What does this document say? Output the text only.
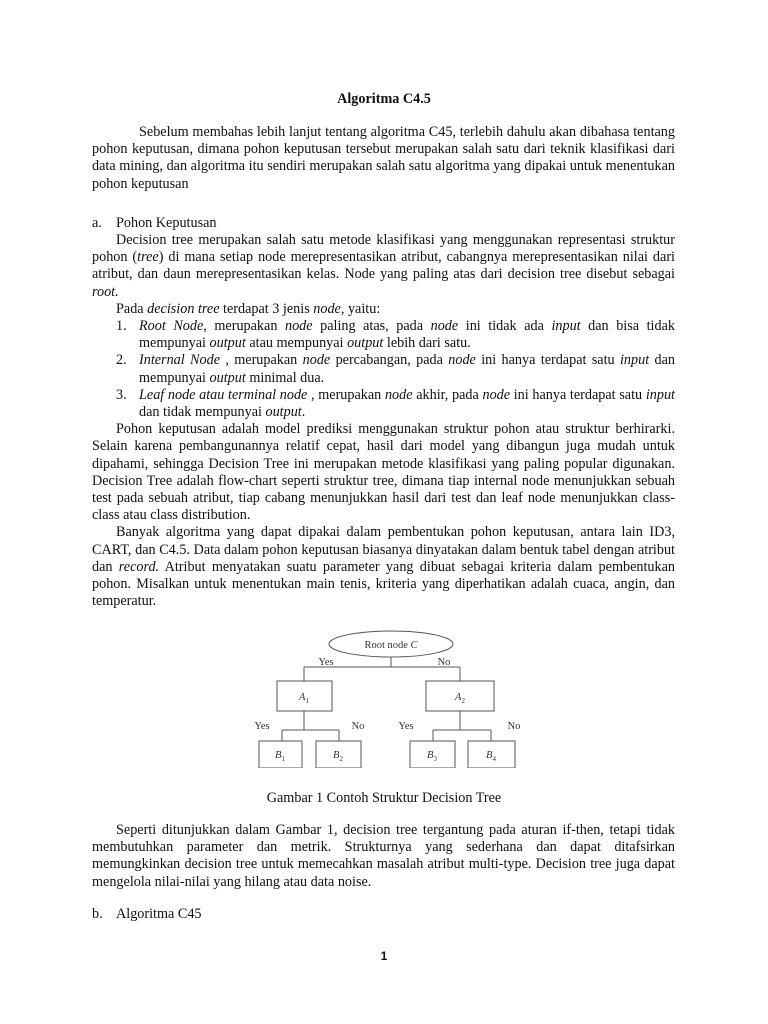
Algoritma C4.5

Sebelum membahas lebih lanjut tentang algoritma C45, terlebih dahulu akan dibahasa tentang pohon keputusan, dimana pohon keputusan tersebut merupakan salah satu dari teknik klasifikasi dari data mining, dan algoritma itu sendiri merupakan salah satu algoritma yang dipakai untuk menentukan pohon keputusan

a. Pohon Keputusan

Decision tree merupakan salah satu metode klasifikasi yang menggunakan representasi struktur pohon (tree) di mana setiap node merepresentasikan atribut, cabangnya merepresentasikan nilai dari atribut, dan daun merepresentasikan kelas. Node yang paling atas dari decision tree disebut sebagai root.

Pada decision tree terdapat 3 jenis node, yaitu:

1. Root Node, merupakan node paling atas, pada node ini tidak ada input dan bisa tidak mempunyai output atau mempunyai output lebih dari satu.
2. Internal Node , merupakan node percabangan, pada node ini hanya terdapat satu input dan mempunyai output minimal dua.
3. Leaf node atau terminal node , merupakan node akhir, pada node ini hanya terdapat satu input dan tidak mempunyai output.

Pohon keputusan adalah model prediksi menggunakan struktur pohon atau struktur berhirarki. Selain karena pembangunannya relatif cepat, hasil dari model yang dibangun juga mudah untuk dipahami, sehingga Decision Tree ini merupakan metode klasifikasi yang paling popular digunakan. Decision Tree adalah flow-chart seperti struktur tree, dimana tiap internal node menunjukkan sebuah test pada sebuah atribut, tiap cabang menunjukkan hasil dari test dan leaf node menunjukkan class-class atau class distribution.

Banyak algoritma yang dapat dipakai dalam pembentukan pohon keputusan, antara lain ID3, CART, dan C4.5. Data dalam pohon keputusan biasanya dinyatakan dalam bentuk tabel dengan atribut dan record. Atribut menyatakan suatu parameter yang dibuat sebagai kriteria dalam pembentukan pohon. Misalkan untuk menentukan main tenis, kriteria yang diperhatikan adalah cuaca, angin, dan temperatur.

Root node C
Yes	No
$A_1$	$A_2$
Yes	No	Yes	No
$B_1$	$B_2$	$B_3$	$B_4$
Gambar 1 Contoh Struktur Decision Tree

Seperti ditunjukkan dalam Gambar 1, decision tree tergantung pada aturan if-then, tetapi tidak membutuhkan parameter dan metrik. Strukturnya yang sederhana dan dapat ditafsirkan memungkinkan decision tree untuk memecahkan masalah atribut multi-type. Decision tree juga dapat mengelola nilai-nilai yang hilang atau data noise.

b. Algoritma C45
1
